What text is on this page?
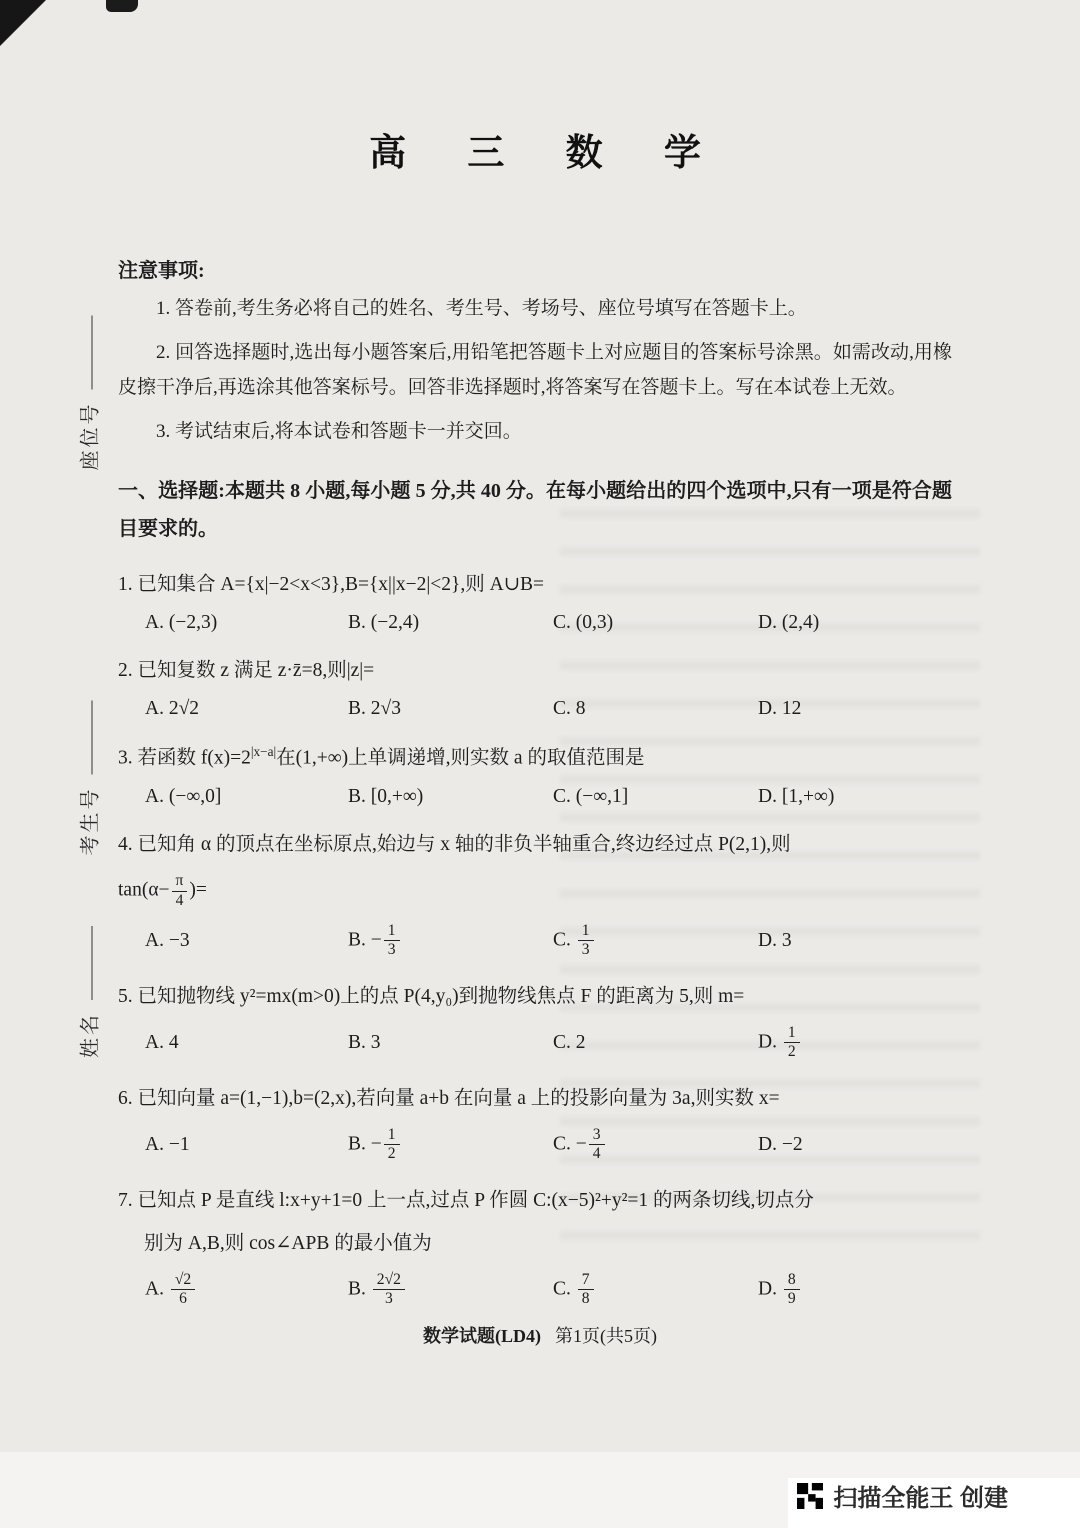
座位号
考生号
姓名
高 三 数 学
注意事项:

1. 答卷前,考生务必将自己的姓名、考生号、考场号、座位号填写在答题卡上。

2. 回答选择题时,选出每小题答案后,用铅笔把答题卡上对应题目的答案标号涂黑。如需改动,用橡皮擦干净后,再选涂其他答案标号。回答非选择题时,将答案写在答题卡上。写在本试卷上无效。

3. 考试结束后,将本试卷和答题卡一并交回。

一、选择题:本题共 8 小题,每小题 5 分,共 40 分。在每小题给出的四个选项中,只有一项是符合题目要求的。
1. 已知集合 A={x|−2<x<3},B={x||x−2|<2},则 A∪B=
A. (−2,3)	B. (−2,4)	C. (0,3)	D. (2,4)
2. 已知复数 z 满足 z·z̄=8,则|z|=
A. 2√2	B. 2√3	C. 8	D. 12
3. 若函数 $f(x)=2^{|x-a|}$在(1,+∞)上单调递增,则实数 a 的取值范围是
A. (−∞,0]	B. [0,+∞)	C. (−∞,1]	D. [1,+∞)
4. 已知角 α 的顶点在坐标原点,始边与 x 轴的非负半轴重合,终边经过点 P(2,1),则
$\tan(\alpha- \frac{\pi}{4}$ )=
A. −3	B. − $\frac{1}{3}$	C. $\frac{1}{3}$	D. 3
5. 已知抛物线 y²=mx(m>0)上的点 P(4,y₀)到抛物线焦点 F 的距离为 5,则 m=
A. 4	B. 3	C. 2	D. $\frac{1}{2}$
6. 已知向量 a=(1,−1),b=(2,x),若向量 a+b 在向量 a 上的投影向量为 3a,则实数 x=
A. −1	B. − $\frac{1}{2}$	C. − $\frac{3}{4}$	D. −2
7. 已知点 P 是直线 l:x+y+1=0 上一点,过点 P 作圆 C:(x−5)²+y²=1 的两条切线,切点分
别为 A,B,则 cos∠APB 的最小值为
A. $\frac{√2}{6}$	B. $\frac{2√2}{3}$	C. $\frac{7}{8}$	D. $\frac{8}{9}$
数学试题(LD4) 第1页(共5页)
扫描全能王 创建
